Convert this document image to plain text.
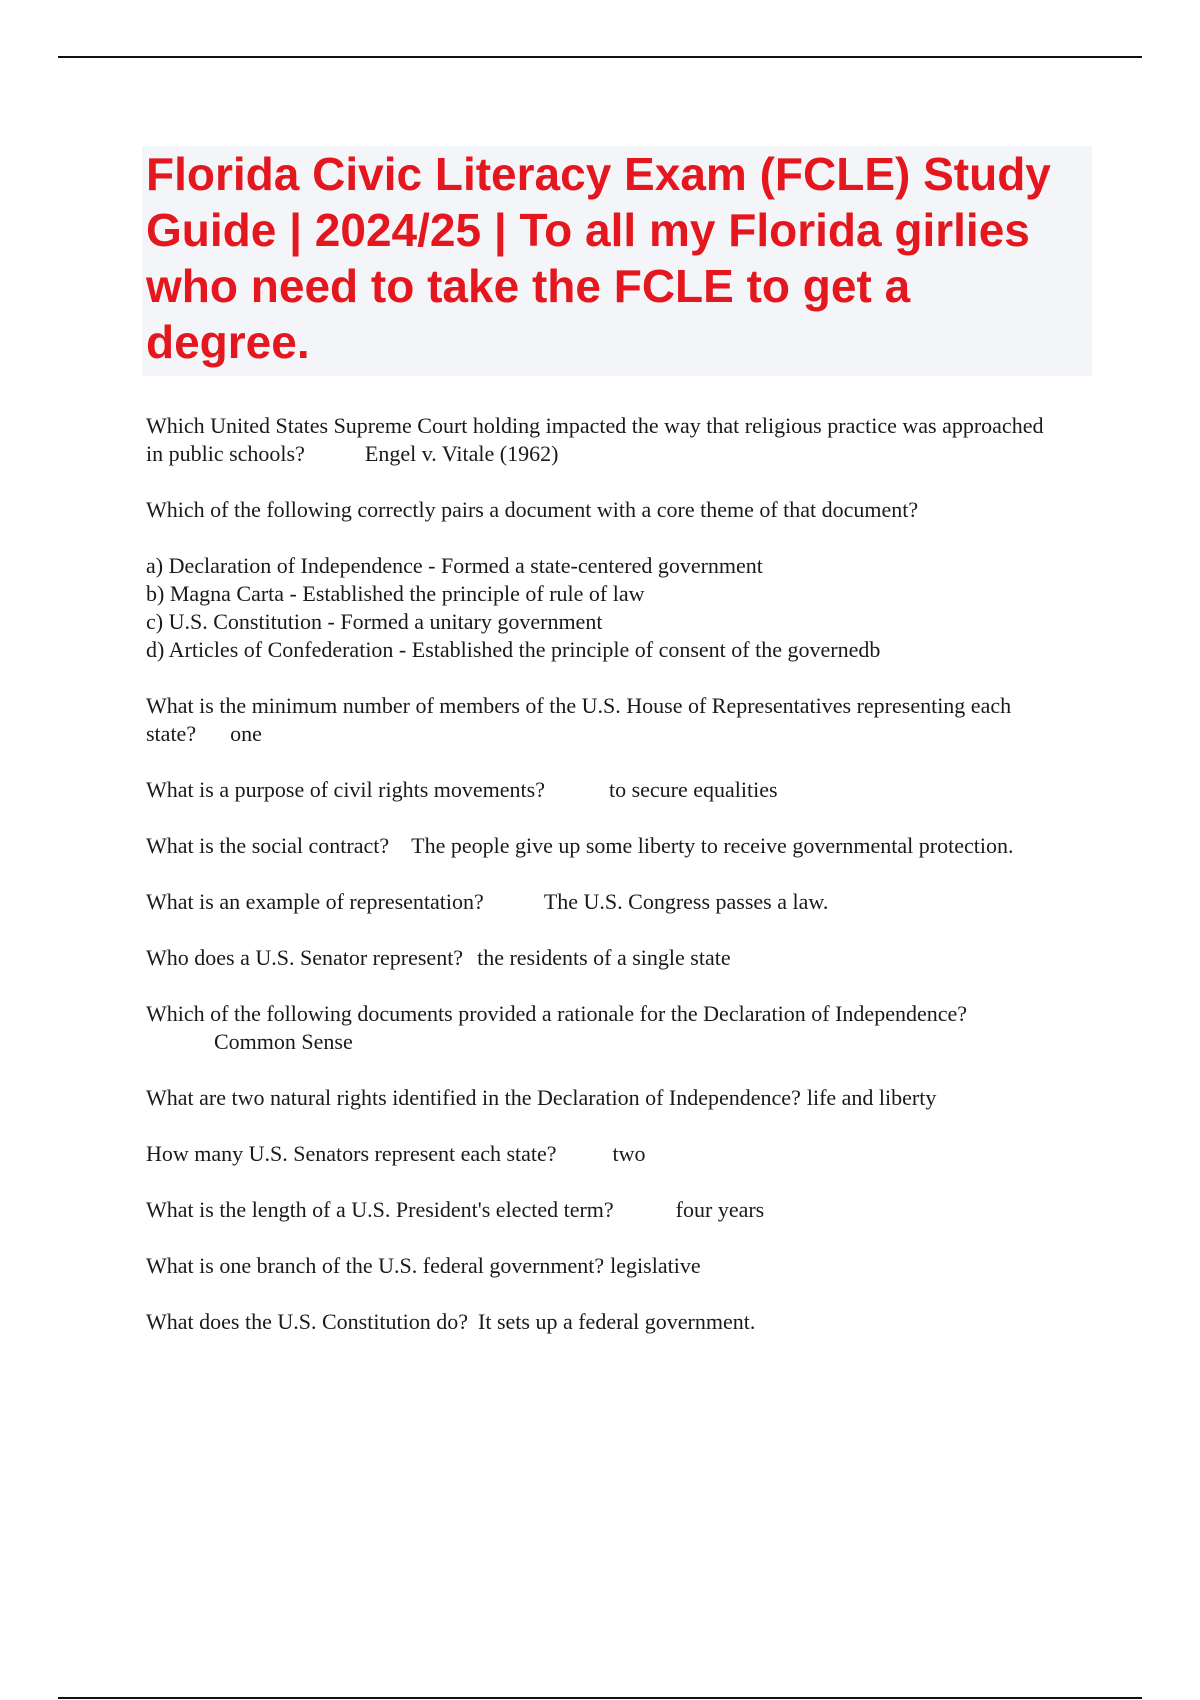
Florida Civic Literacy Exam (FCLE) Study Guide | 2024/25 | To all my Florida girlies who need to take the FCLE to get a degree.

Which United States Supreme Court holding impacted the way that religious practice was approached in public schools?	Engel v. Vitale (1962)

Which of the following correctly pairs a document with a core theme of that document?

a) Declaration of Independence - Formed a state-centered government
b) Magna Carta - Established the principle of rule of law
c) U.S. Constitution - Formed a unitary government
d) Articles of Confederation - Established the principle of consent of the governedb

What is the minimum number of members of the U.S. House of Representatives representing each state? one

What is a purpose of civil rights movements?	to secure equalities

What is the social contract? The people give up some liberty to receive governmental protection.

What is an example of representation?	The U.S. Congress passes a law.

Who does a U.S. Senator represent? the residents of a single state

Which of the following documents provided a rationale for the Declaration of Independence?
Common Sense

What are two natural rights identified in the Declaration of Independence? life and liberty

How many U.S. Senators represent each state?	two

What is the length of a U.S. President's elected term?	four years

What is one branch of the U.S. federal government? legislative

What does the U.S. Constitution do? It sets up a federal government.
